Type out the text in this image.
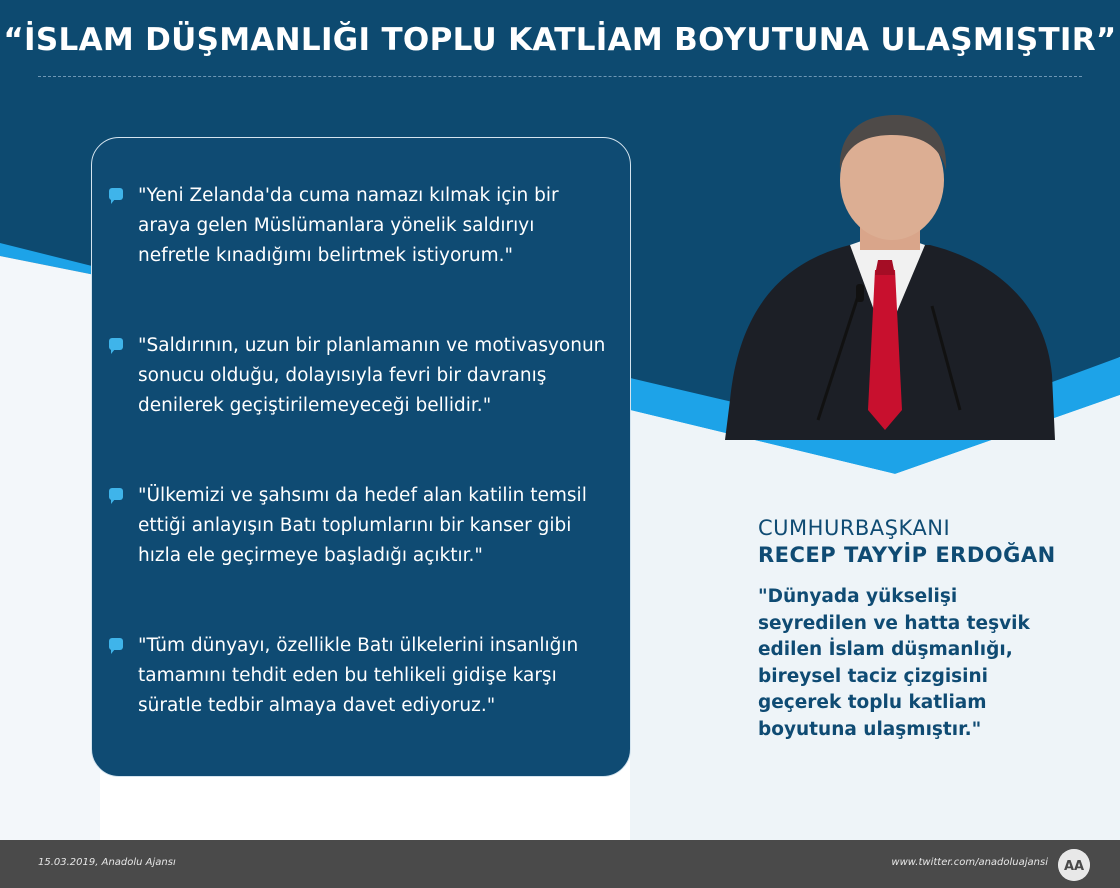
“İSLAM DÜŞMANLIĞI TOPLU KATLİAM BOYUTUNA ULAŞMIŞTIR”
"Yeni Zelanda'da cuma namazı kılmak için bir araya gelen Müslümanlara yönelik saldırıyı nefretle kınadığımı belirtmek istiyorum."
"Saldırının, uzun bir planlamanın ve motivasyonun sonucu olduğu, dolayısıyla fevri bir davranış denilerek geçiştirilemeyeceği bellidir."
"Ülkemizi ve şahsımı da hedef alan katilin temsil ettiği anlayışın Batı toplumlarını bir kanser gibi hızla ele geçirmeye başladığı açıktır."
"Tüm dünyayı, özellikle Batı ülkelerini insanlığın tamamını tehdit eden bu tehlikeli gidişe karşı süratle tedbir almaya davet ediyoruz."
CUMHURBAŞKANI
RECEP TAYYİP ERDOĞAN
"Dünyada yükselişi seyredilen ve hatta teşvik edilen İslam düşmanlığı, bireysel taciz çizgisini geçerek toplu katliam boyutuna ulaşmıştır."
15.03.2019, Anadolu Ajansı	www.twitter.com/anadoluajansi AA
